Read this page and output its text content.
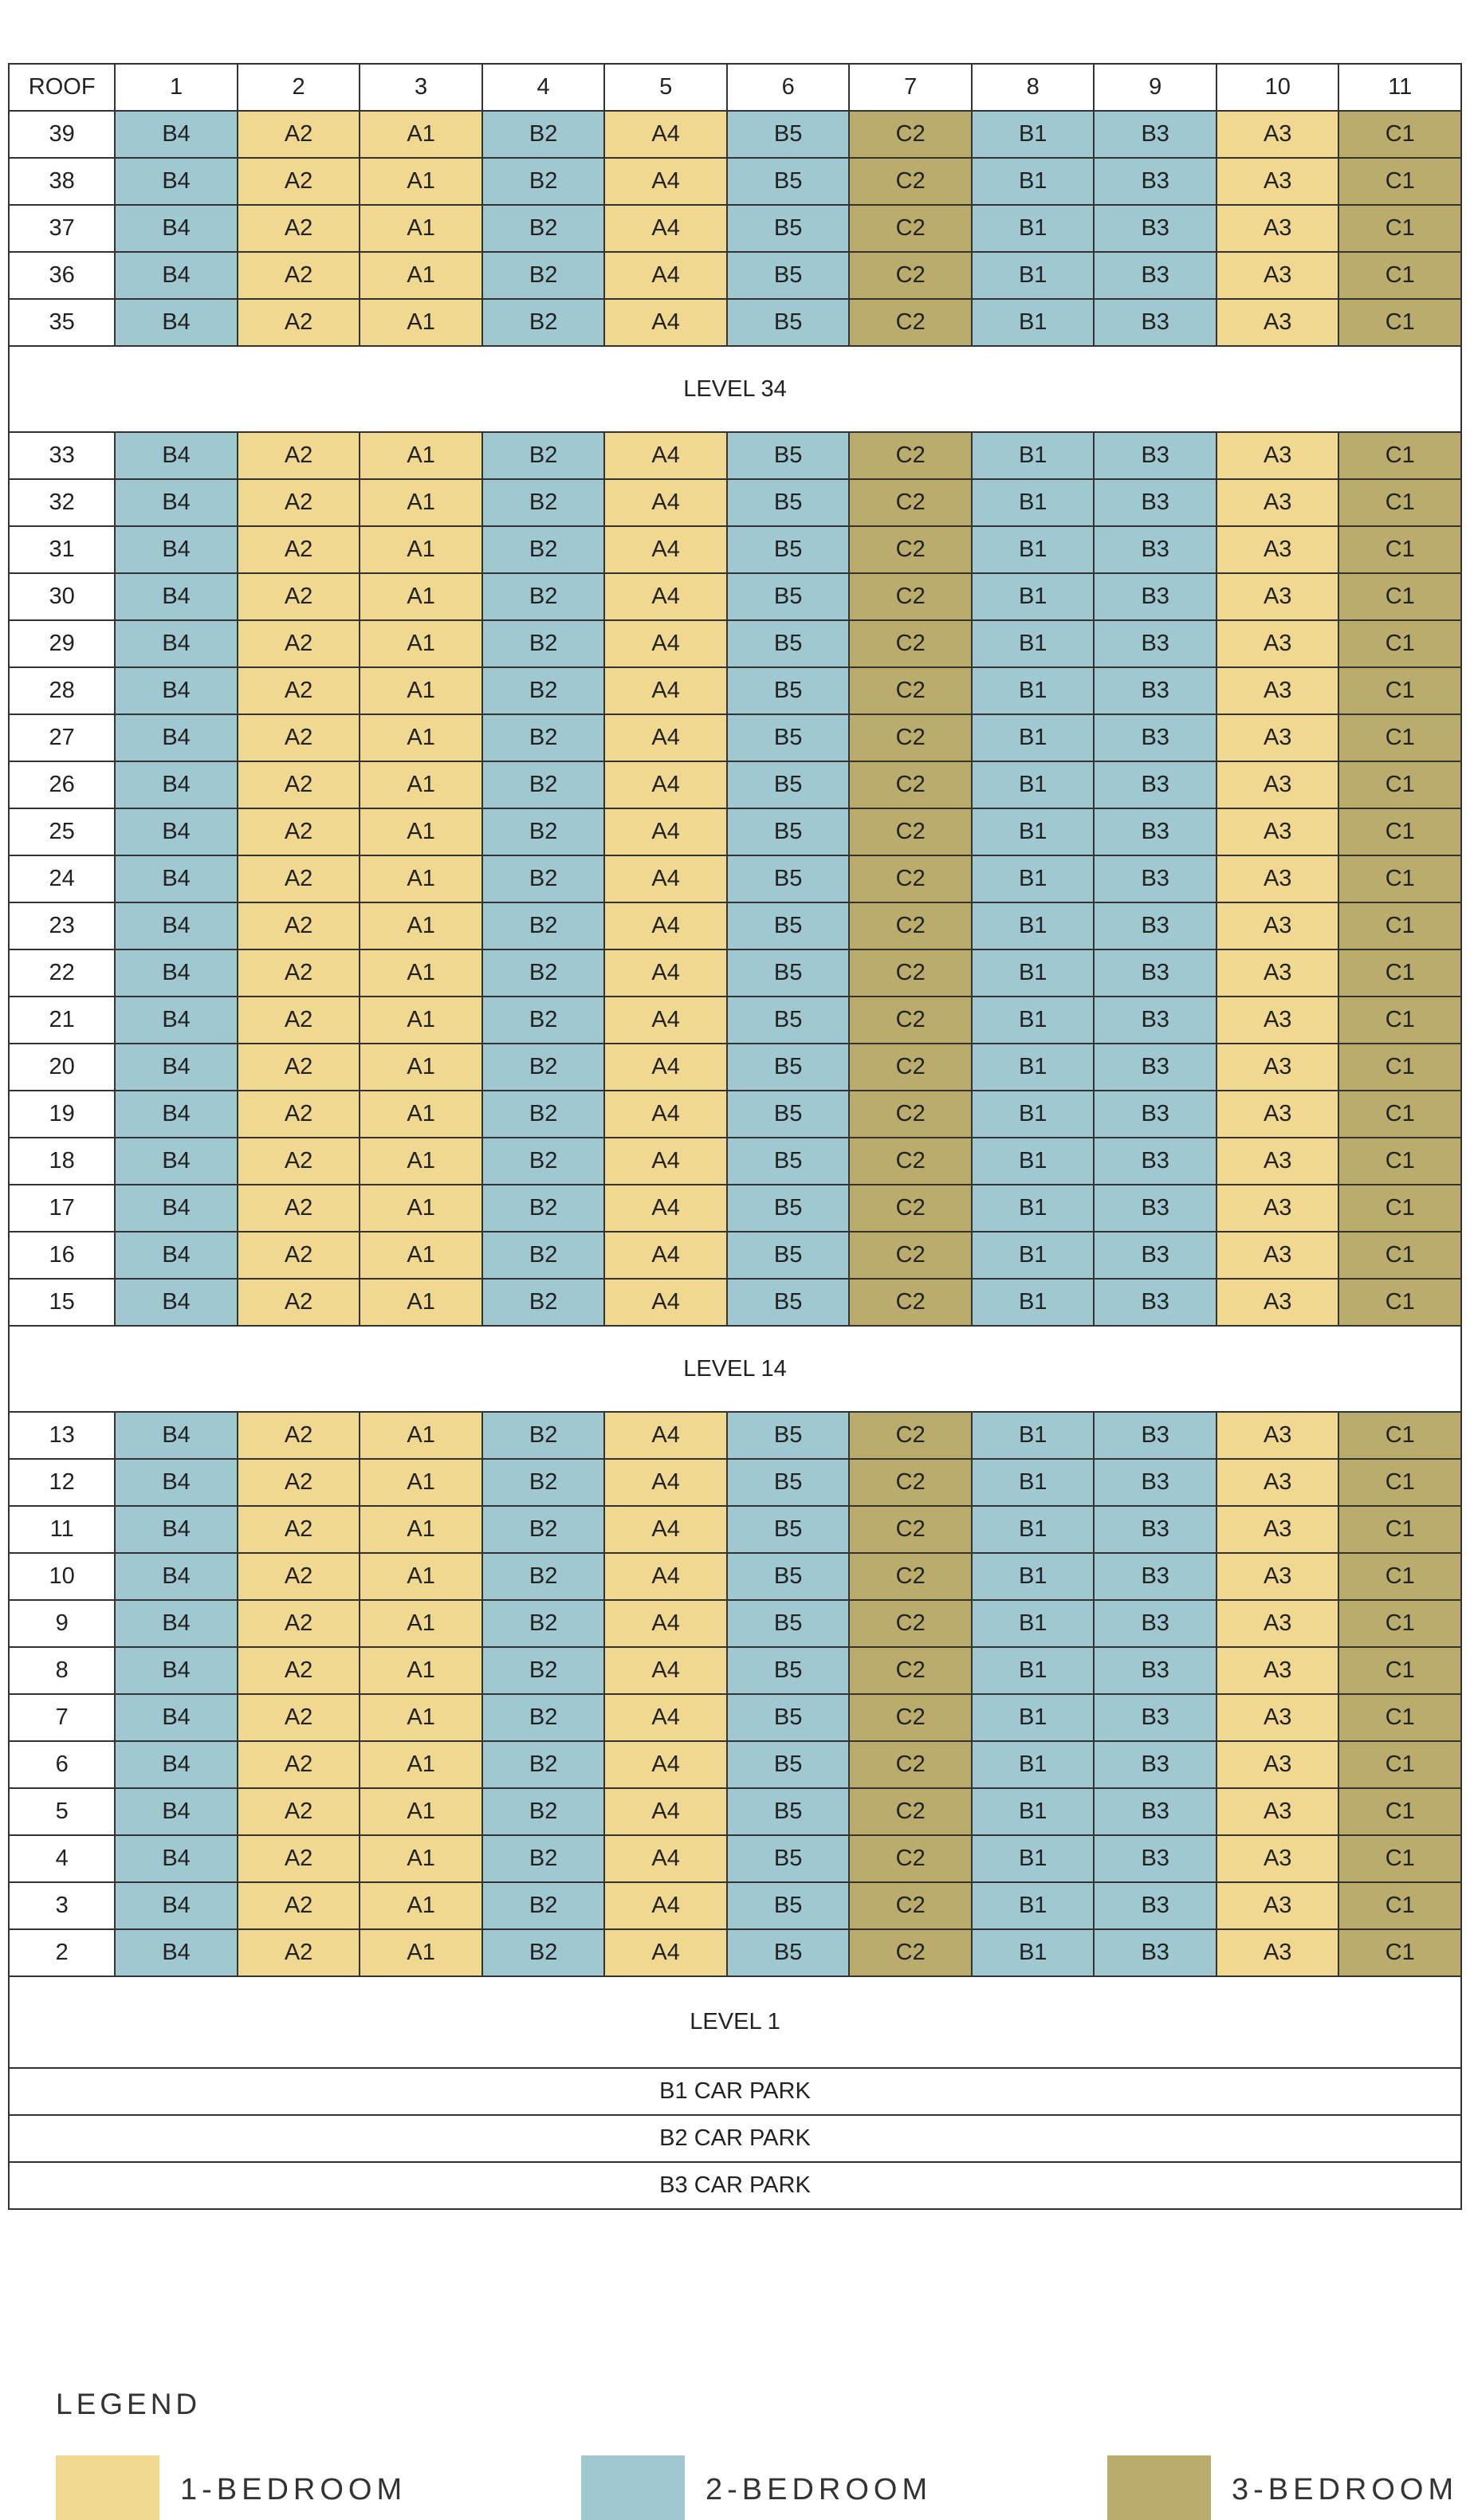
ROOF	1	2	3	4	5	6	7	8	9	10	11
39	B4	A2	A1	B2	A4	B5	C2	B1	B3	A3	C1
38	B4	A2	A1	B2	A4	B5	C2	B1	B3	A3	C1
37	B4	A2	A1	B2	A4	B5	C2	B1	B3	A3	C1
36	B4	A2	A1	B2	A4	B5	C2	B1	B3	A3	C1
35	B4	A2	A1	B2	A4	B5	C2	B1	B3	A3	C1
LEVEL 34											
33	B4	A2	A1	B2	A4	B5	C2	B1	B3	A3	C1
32	B4	A2	A1	B2	A4	B5	C2	B1	B3	A3	C1
31	B4	A2	A1	B2	A4	B5	C2	B1	B3	A3	C1
30	B4	A2	A1	B2	A4	B5	C2	B1	B3	A3	C1
29	B4	A2	A1	B2	A4	B5	C2	B1	B3	A3	C1
28	B4	A2	A1	B2	A4	B5	C2	B1	B3	A3	C1
27	B4	A2	A1	B2	A4	B5	C2	B1	B3	A3	C1
26	B4	A2	A1	B2	A4	B5	C2	B1	B3	A3	C1
25	B4	A2	A1	B2	A4	B5	C2	B1	B3	A3	C1
24	B4	A2	A1	B2	A4	B5	C2	B1	B3	A3	C1
23	B4	A2	A1	B2	A4	B5	C2	B1	B3	A3	C1
22	B4	A2	A1	B2	A4	B5	C2	B1	B3	A3	C1
21	B4	A2	A1	B2	A4	B5	C2	B1	B3	A3	C1
20	B4	A2	A1	B2	A4	B5	C2	B1	B3	A3	C1
19	B4	A2	A1	B2	A4	B5	C2	B1	B3	A3	C1
18	B4	A2	A1	B2	A4	B5	C2	B1	B3	A3	C1
17	B4	A2	A1	B2	A4	B5	C2	B1	B3	A3	C1
16	B4	A2	A1	B2	A4	B5	C2	B1	B3	A3	C1
15	B4	A2	A1	B2	A4	B5	C2	B1	B3	A3	C1
LEVEL 14											
13	B4	A2	A1	B2	A4	B5	C2	B1	B3	A3	C1
12	B4	A2	A1	B2	A4	B5	C2	B1	B3	A3	C1
11	B4	A2	A1	B2	A4	B5	C2	B1	B3	A3	C1
10	B4	A2	A1	B2	A4	B5	C2	B1	B3	A3	C1
9	B4	A2	A1	B2	A4	B5	C2	B1	B3	A3	C1
8	B4	A2	A1	B2	A4	B5	C2	B1	B3	A3	C1
7	B4	A2	A1	B2	A4	B5	C2	B1	B3	A3	C1
6	B4	A2	A1	B2	A4	B5	C2	B1	B3	A3	C1
5	B4	A2	A1	B2	A4	B5	C2	B1	B3	A3	C1
4	B4	A2	A1	B2	A4	B5	C2	B1	B3	A3	C1
3	B4	A2	A1	B2	A4	B5	C2	B1	B3	A3	C1
2	B4	A2	A1	B2	A4	B5	C2	B1	B3	A3	C1
LEVEL 1											
B1 CAR PARK											
B2 CAR PARK											
B3 CAR PARK											
LEGEND
1-BEDROOM	2-BEDROOM	3-BEDROOM
